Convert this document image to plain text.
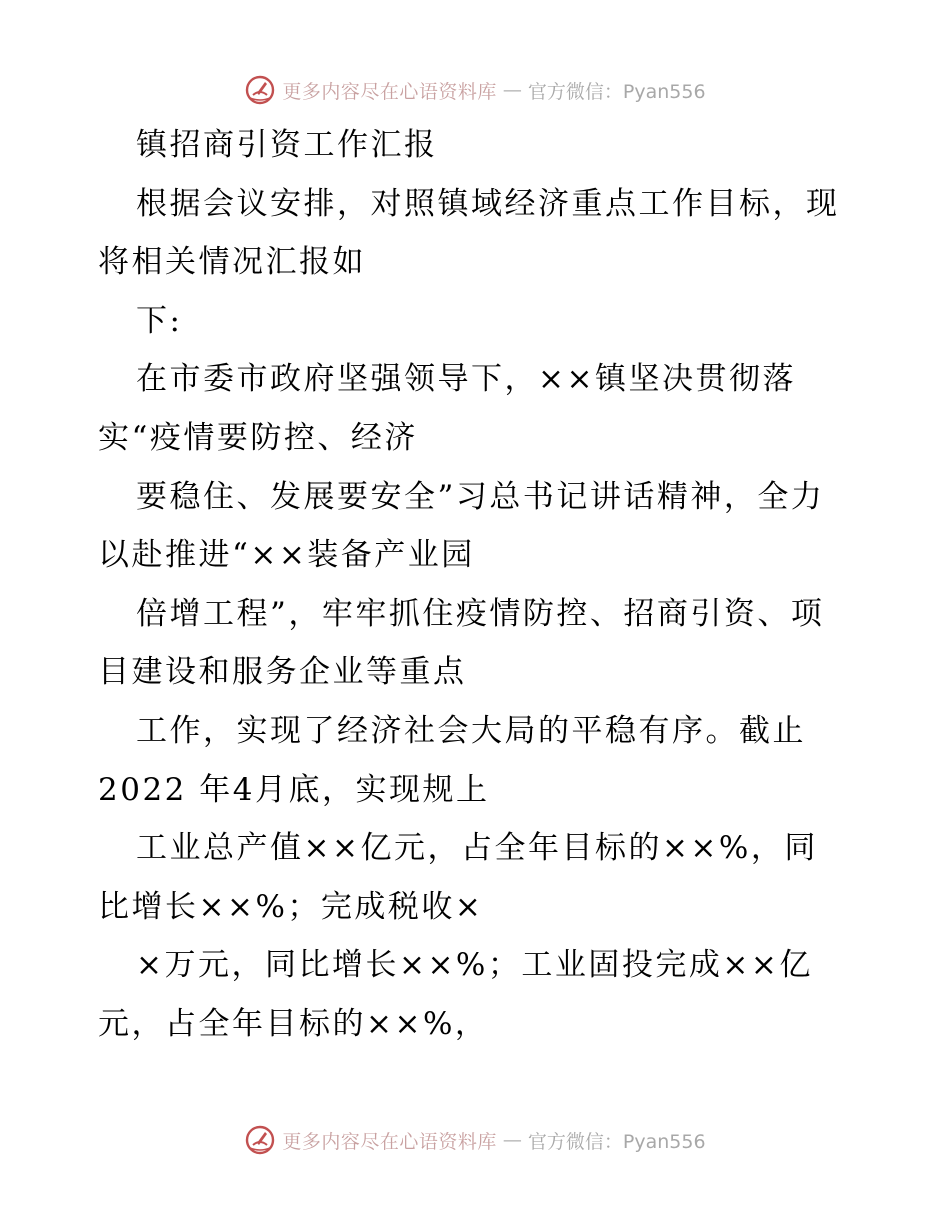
更多内容尽在心语资料库 — 官方微信：Pyan556
镇招商引资工作汇报
根据会议安排，对照镇域经济重点工作目标，现
将相关情况汇报如
下:
在市委市政府坚强领导下，××镇坚决贯彻落
实“疫情要防控、经济
要稳住、发展要安全”习总书记讲话精神，全力
以赴推进“××装备产业园
倍增工程”，牢牢抓住疫情防控、招商引资、项
目建设和服务企业等重点
工作，实现了经济社会大局的平稳有序。截止
2022 年4月底，实现规上
工业总产值××亿元，占全年目标的××%，同
比增长××%；完成税收×
×万元，同比增长××%；工业固投完成××亿
元，占全年目标的××%，
更多内容尽在心语资料库 — 官方微信：Pyan556
